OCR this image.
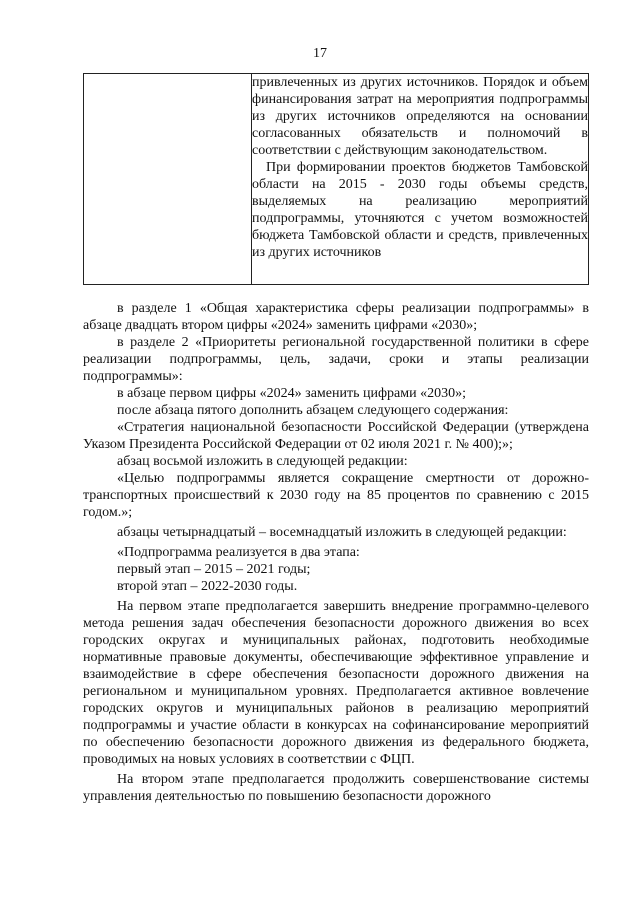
17

привлеченных из других источников. Порядок и объем финансирования затрат на мероприятия подпрограммы из других источников определяются на основании согласованных обязательств и полномочий в соответствии с действующим законодательством.

При формировании проектов бюджетов Тамбовской области на 2015 - 2030 годы объемы средств, выделяемых на реализацию мероприятий подпрограммы, уточняются с учетом возможностей бюджета Тамбовской области и средств, привлеченных из других источников

в разделе 1 «Общая характеристика сферы реализации подпрограммы» в абзаце двадцать втором цифры «2024» заменить цифрами «2030»;

в разделе 2 «Приоритеты региональной государственной политики в сфере реализации подпрограммы, цель, задачи, сроки и этапы реализации подпрограммы»:

в абзаце первом цифры «2024» заменить цифрами «2030»;

после абзаца пятого дополнить абзацем следующего содержания:

«Стратегия национальной безопасности Российской Федерации (утверждена Указом Президента Российской Федерации от 02 июля 2021 г. № 400);»;

абзац восьмой изложить в следующей редакции:

«Целью подпрограммы является сокращение смертности от дорожно-транспортных происшествий к 2030 году на 85 процентов по сравнению с 2015 годом.»;

абзацы четырнадцатый – восемнадцатый изложить в следующей редакции:

«Подпрограмма реализуется в два этапа:

первый этап – 2015 – 2021 годы;

второй этап – 2022-2030 годы.

На первом этапе предполагается завершить внедрение программно-целевого метода решения задач обеспечения безопасности дорожного движения во всех городских округах и муниципальных районах, подготовить необходимые нормативные правовые документы, обеспечивающие эффективное управление и взаимодействие в сфере обеспечения безопасности дорожного движения на региональном и муниципальном уровнях. Предполагается активное вовлечение городских округов и муниципальных районов в реализацию мероприятий подпрограммы и участие области в конкурсах на софинансирование мероприятий по обеспечению безопасности дорожного движения из федерального бюджета, проводимых на новых условиях в соответствии с ФЦП.

На втором этапе предполагается продолжить совершенствование системы управления деятельностью по повышению безопасности дорожного
